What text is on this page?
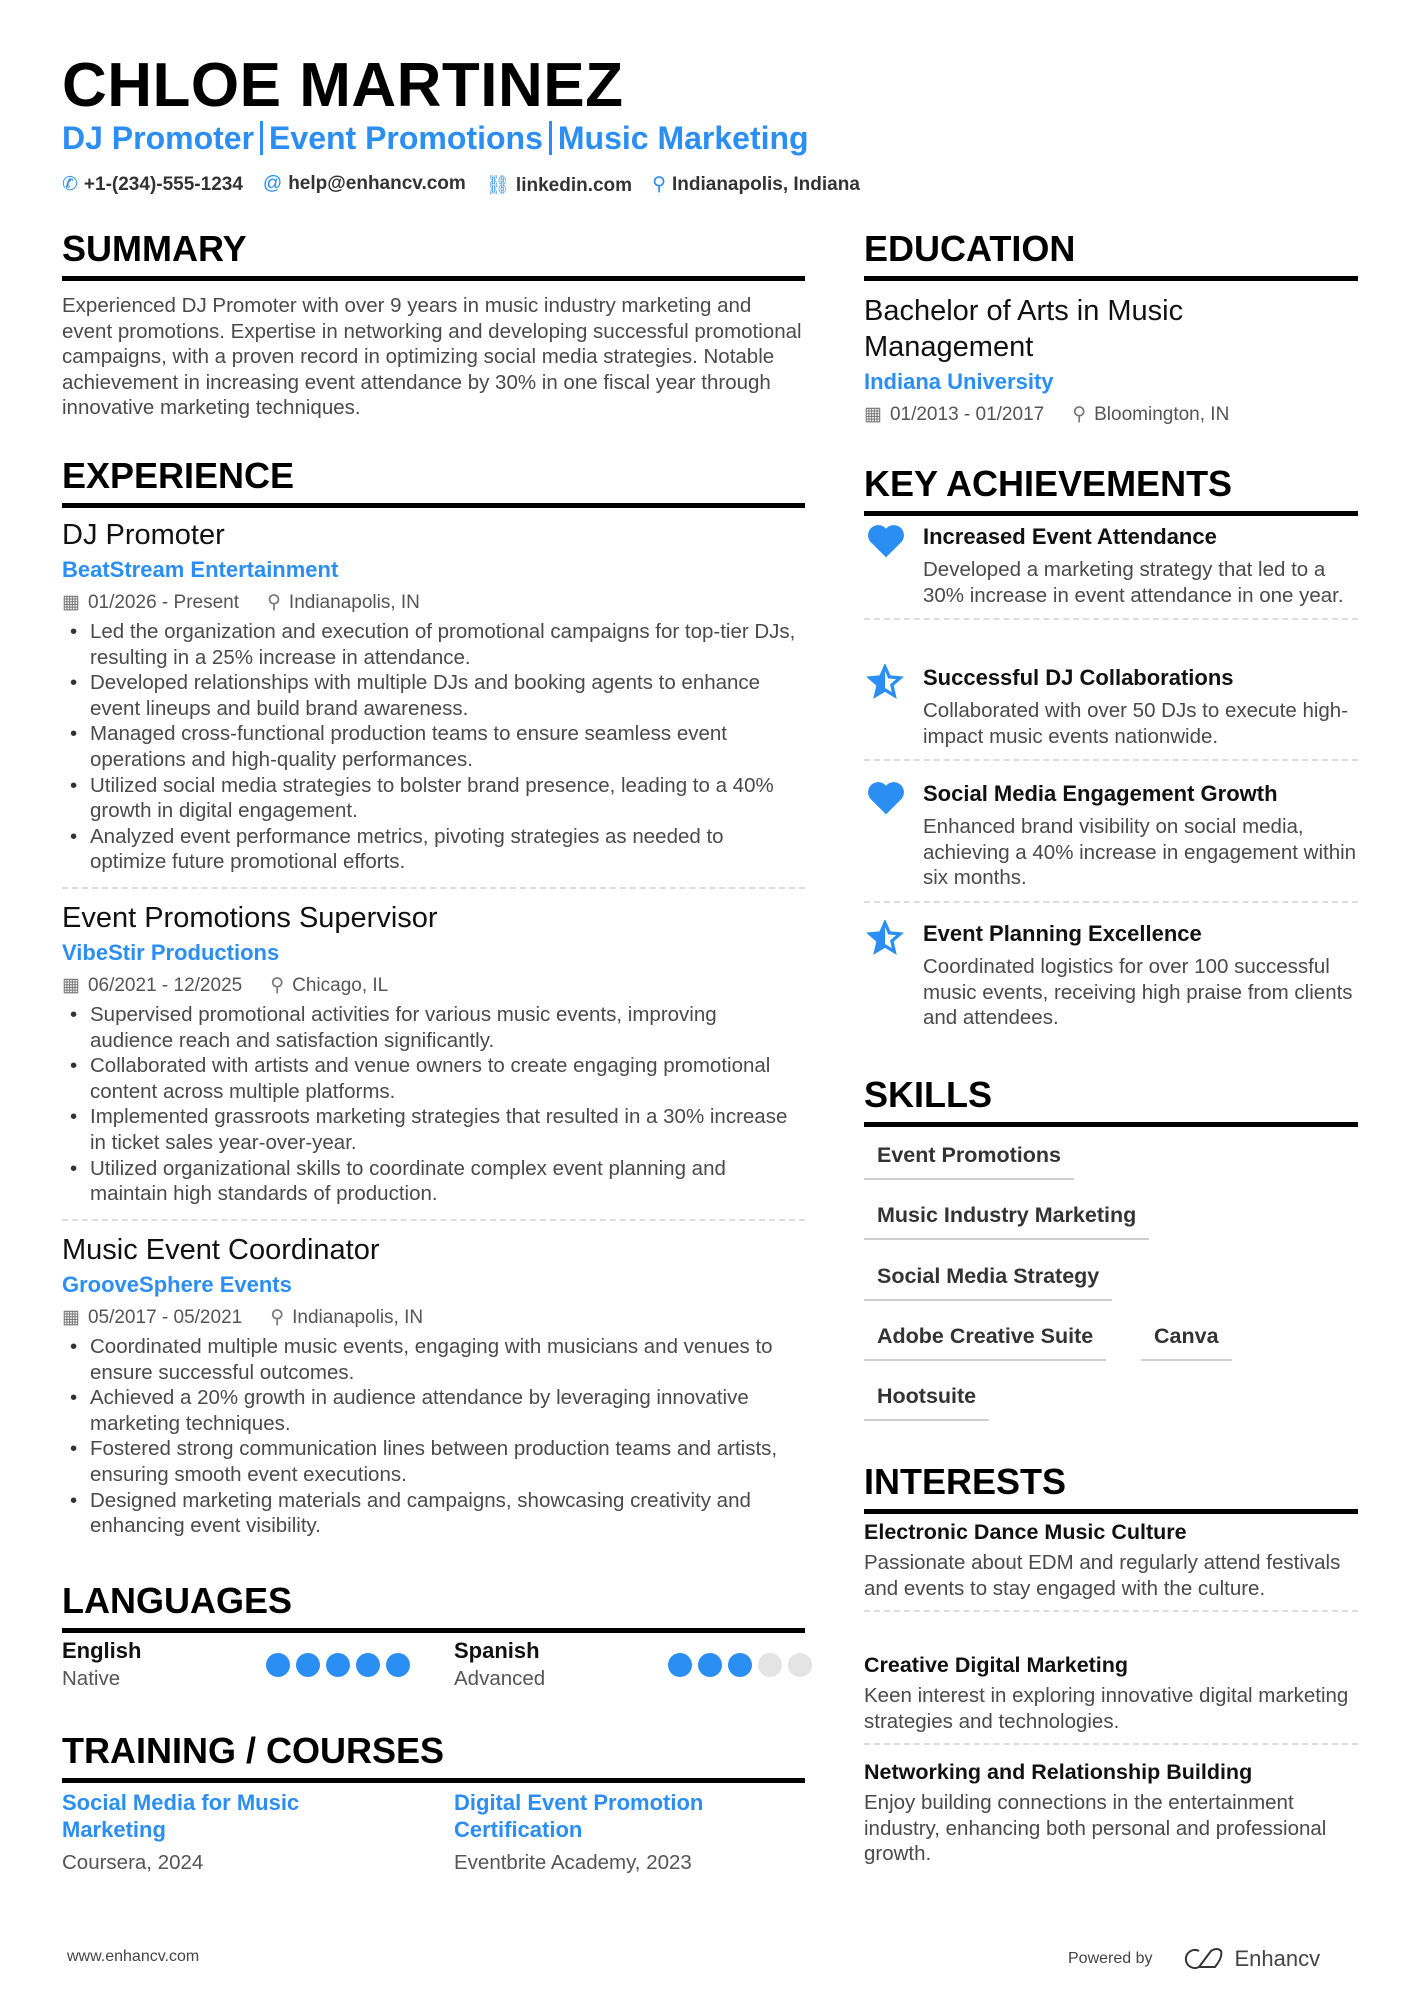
CHLOE MARTINEZ
DJ Promoter Event Promotions Music Marketing
✆ +1-(234)-555-1234 @ help@enhancv.com ⛓ linkedin.com ⚲ Indianapolis, Indiana
SUMMARY
Experienced DJ Promoter with over 9 years in music industry marketing and event promotions. Expertise in networking and developing successful promotional campaigns, with a proven record in optimizing social media strategies. Notable achievement in increasing event attendance by 30% in one fiscal year through innovative marketing techniques.
EXPERIENCE
DJ Promoter
BeatStream Entertainment
▦ 01/2026 - Present ⚲ Indianapolis, IN
• Led the organization and execution of promotional campaigns for top-tier DJs, resulting in a 25% increase in attendance.
• Developed relationships with multiple DJs and booking agents to enhance event lineups and build brand awareness.
• Managed cross-functional production teams to ensure seamless event operations and high-quality performances.
• Utilized social media strategies to bolster brand presence, leading to a 40% growth in digital engagement.
• Analyzed event performance metrics, pivoting strategies as needed to optimize future promotional efforts.
Event Promotions Supervisor
VibeStir Productions
▦ 06/2021 - 12/2025 ⚲ Chicago, IL
• Supervised promotional activities for various music events, improving audience reach and satisfaction significantly.
• Collaborated with artists and venue owners to create engaging promotional content across multiple platforms.
• Implemented grassroots marketing strategies that resulted in a 30% increase in ticket sales year-over-year.
• Utilized organizational skills to coordinate complex event planning and maintain high standards of production.
Music Event Coordinator
GrooveSphere Events
▦ 05/2017 - 05/2021 ⚲ Indianapolis, IN
• Coordinated multiple music events, engaging with musicians and venues to ensure successful outcomes.
• Achieved a 20% growth in audience attendance by leveraging innovative marketing techniques.
• Fostered strong communication lines between production teams and artists, ensuring smooth event executions.
• Designed marketing materials and campaigns, showcasing creativity and enhancing event visibility.
LANGUAGES
English
Native
Spanish
Advanced
TRAINING / COURSES
Social Media for Music Marketing
Coursera, 2024
Digital Event Promotion Certification
Eventbrite Academy, 2023
EDUCATION
Bachelor of Arts in Music Management
Indiana University
▦ 01/2013 - 01/2017 ⚲ Bloomington, IN
KEY ACHIEVEMENTS
Increased Event Attendance
Developed a marketing strategy that led to a 30% increase in event attendance in one year.
Successful DJ Collaborations
Collaborated with over 50 DJs to execute high-impact music events nationwide.
Social Media Engagement Growth
Enhanced brand visibility on social media, achieving a 40% increase in engagement within six months.
Event Planning Excellence
Coordinated logistics for over 100 successful music events, receiving high praise from clients and attendees.
SKILLS
Event Promotions
Music Industry Marketing
Social Media Strategy
Adobe Creative Suite	Canva
Hootsuite
INTERESTS
Electronic Dance Music Culture
Passionate about EDM and regularly attend festivals and events to stay engaged with the culture.
Creative Digital Marketing
Keen interest in exploring innovative digital marketing strategies and technologies.
Networking and Relationship Building
Enjoy building connections in the entertainment industry, enhancing both personal and professional growth.
www.enhancv.com	Powered by	Enhancv
